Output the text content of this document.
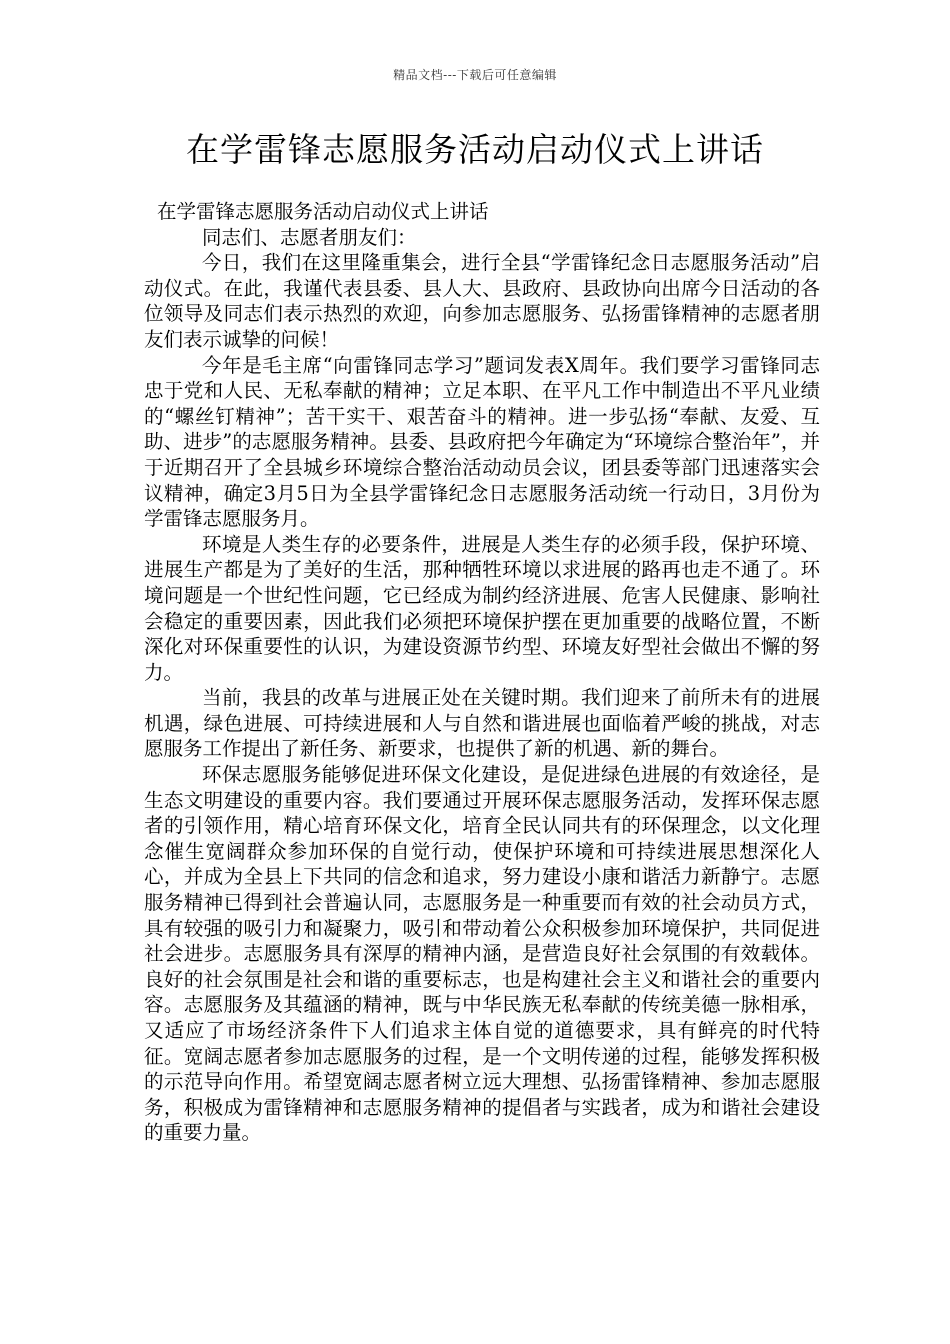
精品文档---下载后可任意编辑
在学雷锋志愿服务活动启动仪式上讲话

在学雷锋志愿服务活动启动仪式上讲话

同志们、志愿者朋友们：

今日，我们在这里隆重集会，进行全县“学雷锋纪念日志愿服务活动”启动仪式。在此，我谨代表县委、县人大、县政府、县政协向出席今日活动的各位领导及同志们表示热烈的欢迎，向参加志愿服务、弘扬雷锋精神的志愿者朋友们表示诚挚的问候！

今年是毛主席“向雷锋同志学习”题词发表X周年。我们要学习雷锋同志忠于党和人民、无私奉献的精神；立足本职、在平凡工作中制造出不平凡业绩的“螺丝钉精神”；苦干实干、艰苦奋斗的精神。进一步弘扬“奉献、友爱、互助、进步”的志愿服务精神。县委、县政府把今年确定为“环境综合整治年”，并于近期召开了全县城乡环境综合整治活动动员会议，团县委等部门迅速落实会议精神，确定3月5日为全县学雷锋纪念日志愿服务活动统一行动日，3月份为学雷锋志愿服务月。

环境是人类生存的必要条件，进展是人类生存的必须手段，保护环境、进展生产都是为了美好的生活，那种牺牲环境以求进展的路再也走不通了。环境问题是一个世纪性问题，它已经成为制约经济进展、危害人民健康、影响社会稳定的重要因素，因此我们必须把环境保护摆在更加重要的战略位置，不断深化对环保重要性的认识，为建设资源节约型、环境友好型社会做出不懈的努力。

当前，我县的改革与进展正处在关键时期。我们迎来了前所未有的进展机遇，绿色进展、可持续进展和人与自然和谐进展也面临着严峻的挑战，对志愿服务工作提出了新任务、新要求，也提供了新的机遇、新的舞台。

环保志愿服务能够促进环保文化建设，是促进绿色进展的有效途径，是生态文明建设的重要内容。我们要通过开展环保志愿服务活动，发挥环保志愿者的引领作用，精心培育环保文化，培育全民认同共有的环保理念，以文化理念催生宽阔群众参加环保的自觉行动，使保护环境和可持续进展思想深化人心，并成为全县上下共同的信念和追求，努力建设小康和谐活力新静宁。志愿服务精神已得到社会普遍认同，志愿服务是一种重要而有效的社会动员方式，具有较强的吸引力和凝聚力，吸引和带动着公众积极参加环境保护，共同促进社会进步。志愿服务具有深厚的精神内涵，是营造良好社会氛围的有效载体。良好的社会氛围是社会和谐的重要标志，也是构建社会主义和谐社会的重要内容。志愿服务及其蕴涵的精神，既与中华民族无私奉献的传统美德一脉相承，又适应了市场经济条件下人们追求主体自觉的道德要求，具有鲜亮的时代特征。宽阔志愿者参加志愿服务的过程，是一个文明传递的过程，能够发挥积极的示范导向作用。希望宽阔志愿者树立远大理想、弘扬雷锋精神、参加志愿服务，积极成为雷锋精神和志愿服务精神的提倡者与实践者，成为和谐社会建设的重要力量。
